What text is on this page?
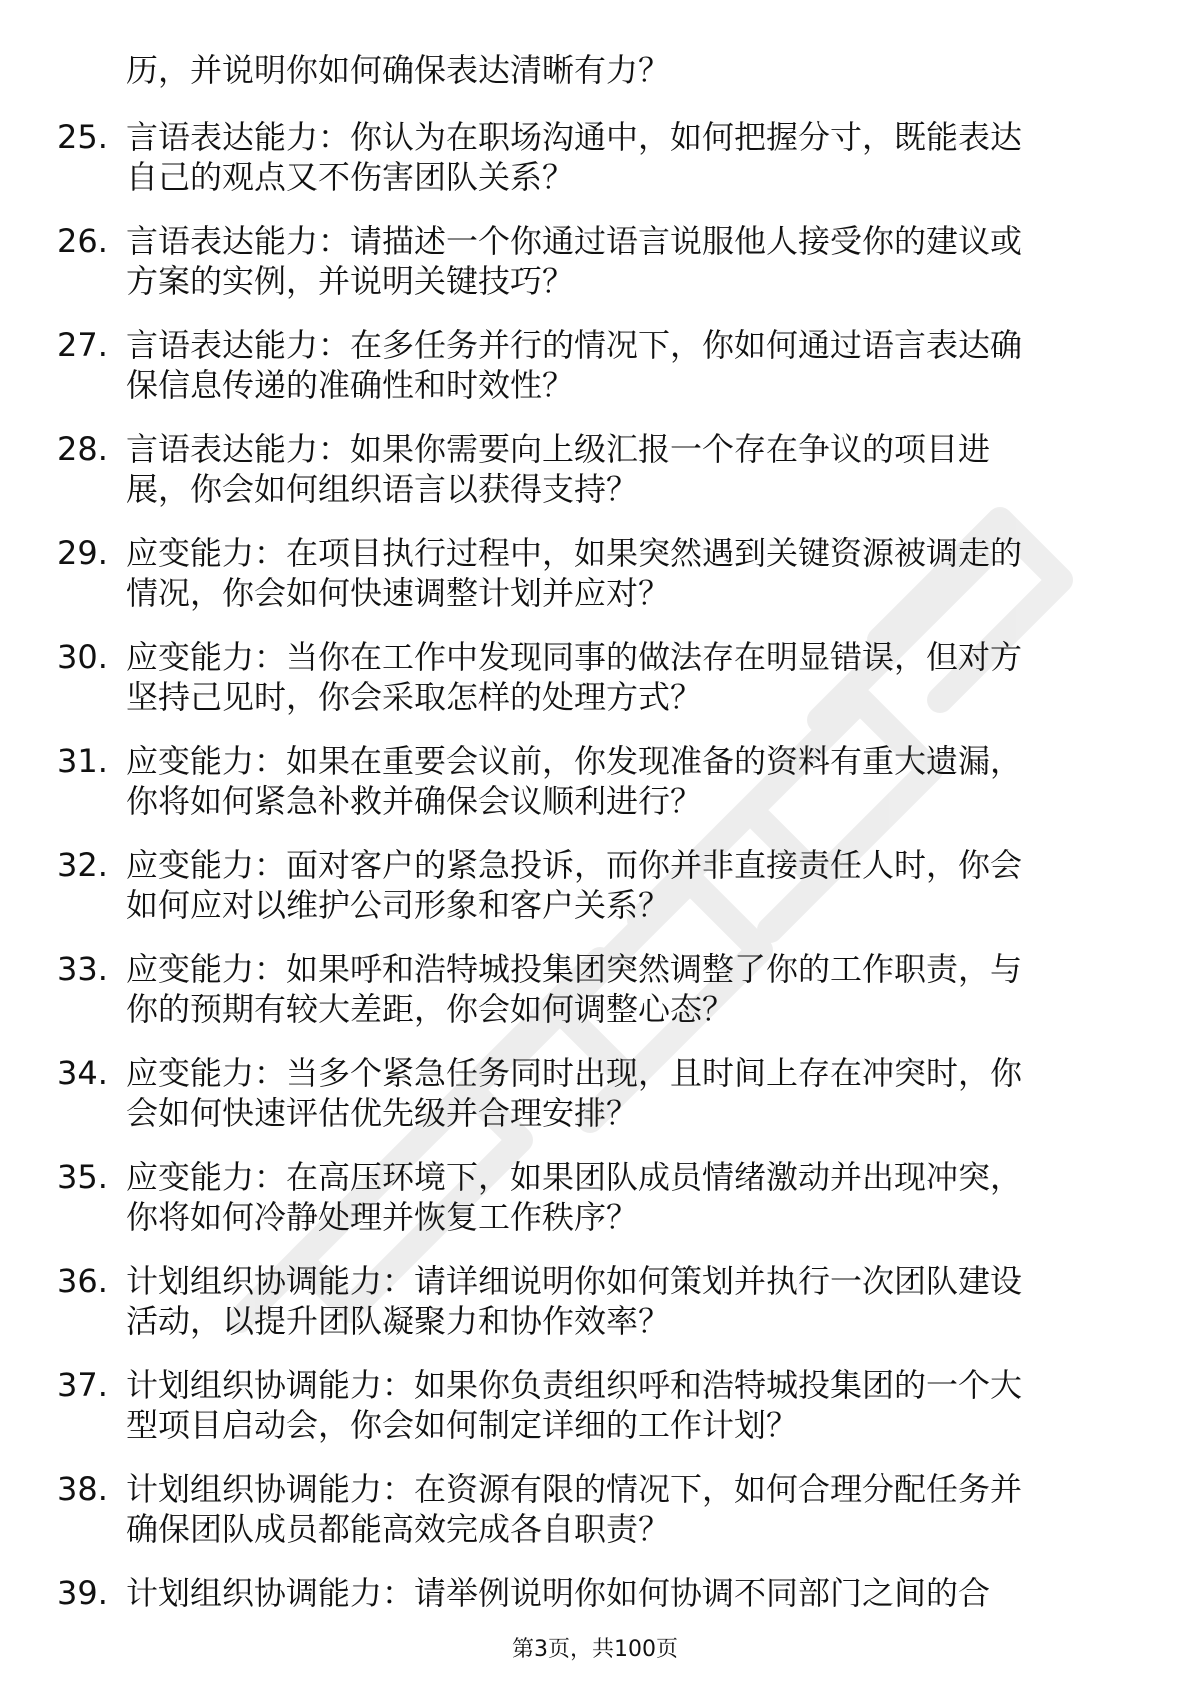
历，并说明你如何确保表达清晰有力？
25. 言语表达能力：你认为在职场沟通中，如何把握分寸，既能表达
自己的观点又不伤害团队关系？
26. 言语表达能力：请描述一个你通过语言说服他人接受你的建议或
方案的实例，并说明关键技巧？
27. 言语表达能力：在多任务并行的情况下，你如何通过语言表达确
保信息传递的准确性和时效性？
28. 言语表达能力：如果你需要向上级汇报一个存在争议的项目进
展，你会如何组织语言以获得支持？
29. 应变能力：在项目执行过程中，如果突然遇到关键资源被调走的
情况，你会如何快速调整计划并应对？
30. 应变能力：当你在工作中发现同事的做法存在明显错误，但对方
坚持己见时，你会采取怎样的处理方式？
31. 应变能力：如果在重要会议前，你发现准备的资料有重大遗漏，
你将如何紧急补救并确保会议顺利进行？
32. 应变能力：面对客户的紧急投诉，而你并非直接责任人时，你会
如何应对以维护公司形象和客户关系？
33. 应变能力：如果呼和浩特城投集团突然调整了你的工作职责，与
你的预期有较大差距，你会如何调整心态？
34. 应变能力：当多个紧急任务同时出现，且时间上存在冲突时，你
会如何快速评估优先级并合理安排？
35. 应变能力：在高压环境下，如果团队成员情绪激动并出现冲突，
你将如何冷静处理并恢复工作秩序？
36. 计划组织协调能力：请详细说明你如何策划并执行一次团队建设
活动，以提升团队凝聚力和协作效率？
37. 计划组织协调能力：如果你负责组织呼和浩特城投集团的一个大
型项目启动会，你会如何制定详细的工作计划？
38. 计划组织协调能力：在资源有限的情况下，如何合理分配任务并
确保团队成员都能高效完成各自职责？
39. 计划组织协调能力：请举例说明你如何协调不同部门之间的合
第3页，共100页
